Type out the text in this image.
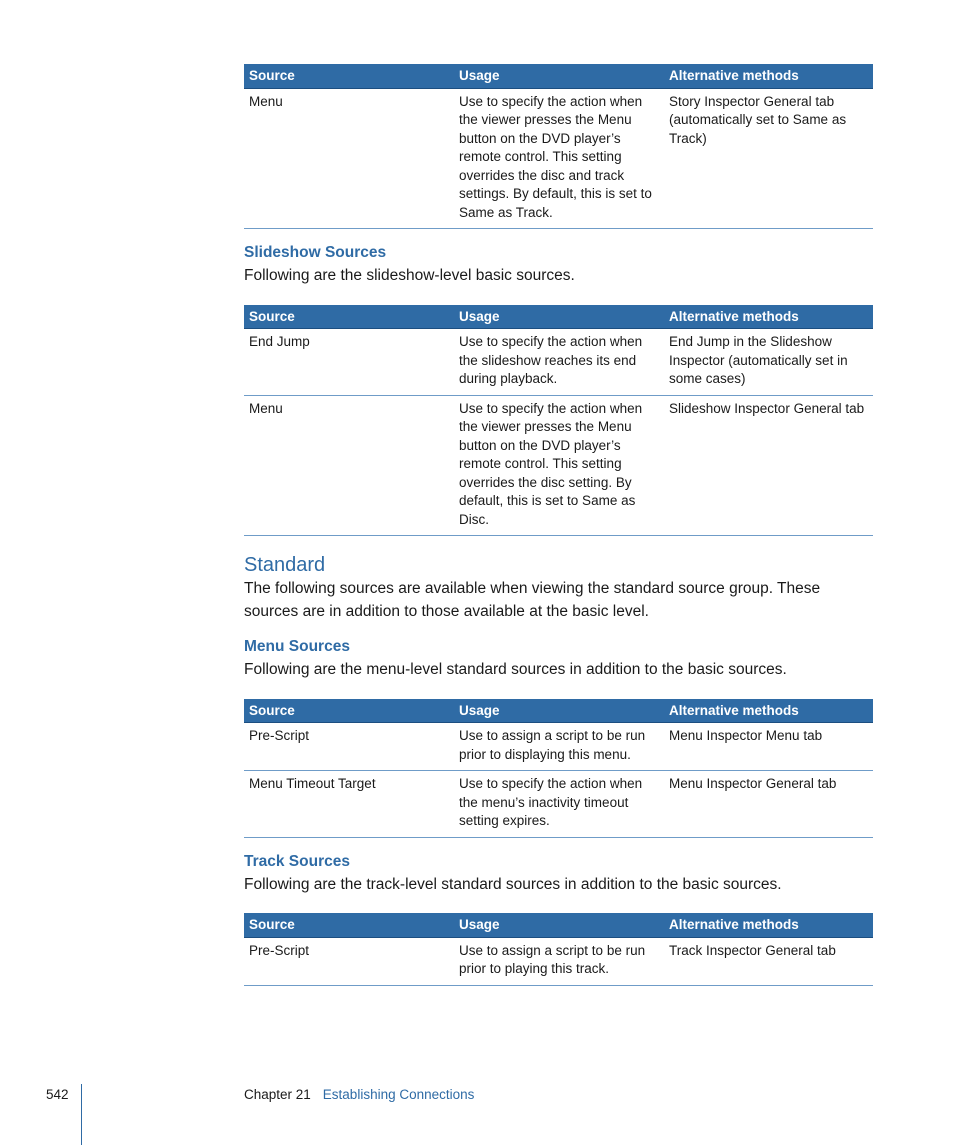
Source	Usage	Alternative methods
Menu	Use to specify the action when the viewer presses the Menu button on the DVD player’s remote control. This setting overrides the disc and track settings. By default, this is set to Same as Track.	Story Inspector General tab (automatically set to Same as Track)
Slideshow Sources

Following are the slideshow-level basic sources.

Source	Usage	Alternative methods
End Jump	Use to specify the action when the slideshow reaches its end during playback.	End Jump in the Slideshow Inspector (automatically set in some cases)
Menu	Use to specify the action when the viewer presses the Menu button on the DVD player’s remote control. This setting overrides the disc setting. By default, this is set to Same as Disc.	Slideshow Inspector General tab
Standard

The following sources are available when viewing the standard source group. These sources are in addition to those available at the basic level.

Menu Sources

Following are the menu-level standard sources in addition to the basic sources.

Source	Usage	Alternative methods
Pre-Script	Use to assign a script to be run prior to displaying this menu.	Menu Inspector Menu tab
Menu Timeout Target	Use to specify the action when the menu’s inactivity timeout setting expires.	Menu Inspector General tab
Track Sources

Following are the track-level standard sources in addition to the basic sources.

Source	Usage	Alternative methods
Pre-Script	Use to assign a script to be run prior to playing this track.	Track Inspector General tab
542	Chapter 21 Establishing Connections
